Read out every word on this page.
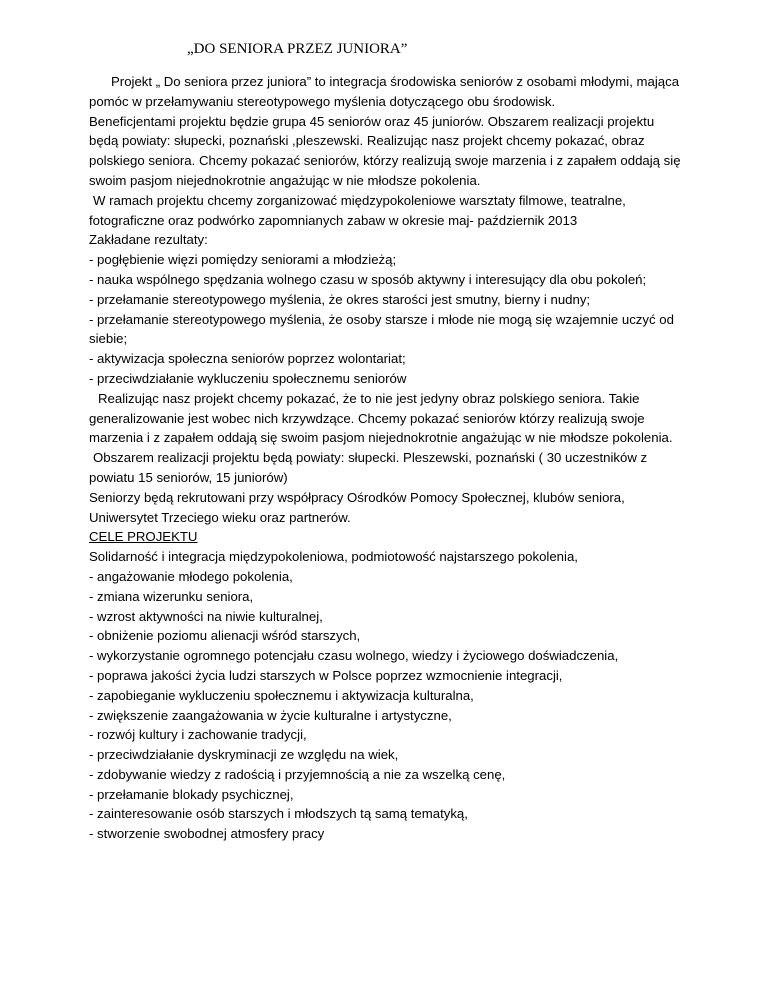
„DO SENIORA PRZEZ JUNIORA”
Projekt „ Do seniora przez juniora” to integracja środowiska seniorów z osobami młodymi, mająca
pomóc w przełamywaniu stereotypowego myślenia dotyczącego obu środowisk.
Beneficjentami projektu będzie grupa 45 seniorów oraz 45 juniorów. Obszarem realizacji projektu
będą powiaty: słupecki, poznański ,pleszewski. Realizując nasz projekt chcemy pokazać, obraz
polskiego seniora. Chcemy pokazać seniorów, którzy realizują swoje marzenia i z zapałem oddają się
swoim pasjom niejednokrotnie angażując w nie młodsze pokolenia.
W ramach projektu chcemy zorganizować międzypokoleniowe warsztaty filmowe, teatralne,
fotograficzne oraz podwórko zapomnianych zabaw w okresie maj- październik 2013
Zakładane rezultaty:
- pogłębienie więzi pomiędzy seniorami a młodzieżą;
- nauka wspólnego spędzania wolnego czasu w sposób aktywny i interesujący dla obu pokoleń;
- przełamanie stereotypowego myślenia, że okres starości jest smutny, bierny i nudny;
- przełamanie stereotypowego myślenia, że osoby starsze i młode nie mogą się wzajemnie uczyć od
siebie;
- aktywizacja społeczna seniorów poprzez wolontariat;
- przeciwdziałanie wykluczeniu społecznemu seniorów
Realizując nasz projekt chcemy pokazać, że to nie jest jedyny obraz polskiego seniora. Takie
generalizowanie jest wobec nich krzywdzące. Chcemy pokazać seniorów którzy realizują swoje
marzenia i z zapałem oddają się swoim pasjom niejednokrotnie angażując w nie młodsze pokolenia.
Obszarem realizacji projektu będą powiaty: słupecki. Pleszewski, poznański ( 30 uczestników z
powiatu 15 seniorów, 15 juniorów)
Seniorzy będą rekrutowani przy współpracy Ośrodków Pomocy Społecznej, klubów seniora,
Uniwersytet Trzeciego wieku oraz partnerów.
CELE PROJEKTU
Solidarność i integracja międzypokoleniowa, podmiotowość najstarszego pokolenia,
- angażowanie młodego pokolenia,
- zmiana wizerunku seniora,
- wzrost aktywności na niwie kulturalnej,
- obniżenie poziomu alienacji wśród starszych,
- wykorzystanie ogromnego potencjału czasu wolnego, wiedzy i życiowego doświadczenia,
- poprawa jakości życia ludzi starszych w Polsce poprzez wzmocnienie integracji,
- zapobieganie wykluczeniu społecznemu i aktywizacja kulturalna,
- zwiększenie zaangażowania w życie kulturalne i artystyczne,
- rozwój kultury i zachowanie tradycji,
- przeciwdziałanie dyskryminacji ze względu na wiek,
- zdobywanie wiedzy z radością i przyjemnością a nie za wszelką cenę,
- przełamanie blokady psychicznej,
- zainteresowanie osób starszych i młodszych tą samą tematyką,
- stworzenie swobodnej atmosfery pracy
